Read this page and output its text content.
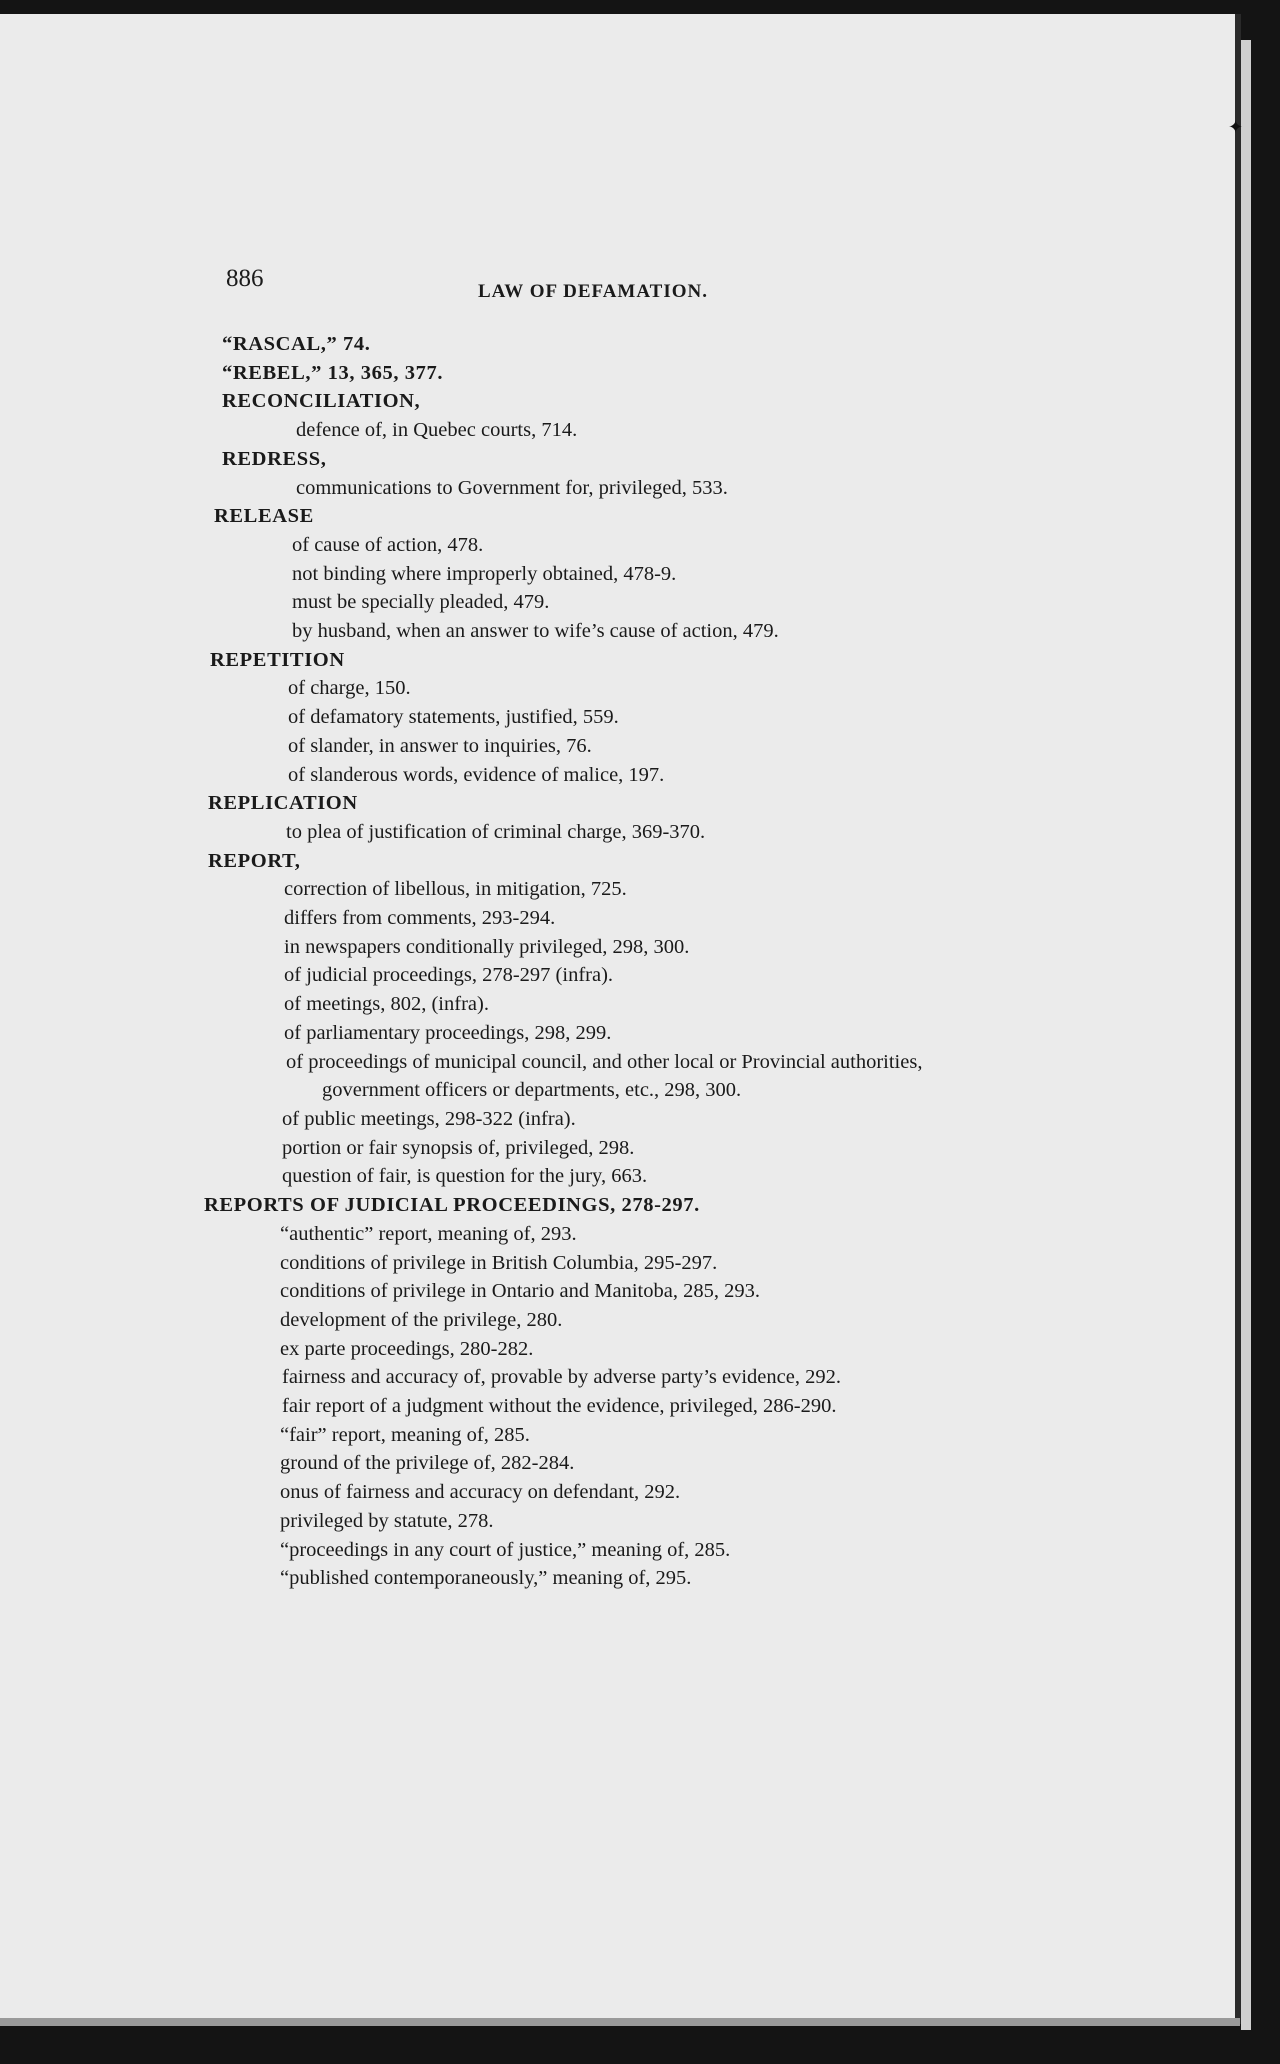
✦
886	LAW OF DEFAMATION.

“RASCAL,” 74.

“REBEL,” 13, 365, 377.

RECONCILIATION,

defence of, in Quebec courts, 714.

REDRESS,

communications to Government for, privileged, 533.

RELEASE

of cause of action, 478.

not binding where improperly obtained, 478-9.

must be specially pleaded, 479.

by husband, when an answer to wife’s cause of action, 479.

REPETITION

of charge, 150.

of defamatory statements, justified, 559.

of slander, in answer to inquiries, 76.

of slanderous words, evidence of malice, 197.

REPLICATION

to plea of justification of criminal charge, 369-370.

REPORT,

correction of libellous, in mitigation, 725.

differs from comments, 293-294.

in newspapers conditionally privileged, 298, 300.

of judicial proceedings, 278-297 (infra).

of meetings, 802, (infra).

of parliamentary proceedings, 298, 299.

of proceedings of municipal council, and other local or Provincial authorities, government officers or departments, etc., 298, 300.

of public meetings, 298-322 (infra).

portion or fair synopsis of, privileged, 298.

question of fair, is question for the jury, 663.

REPORTS OF JUDICIAL PROCEEDINGS, 278-297.

“authentic” report, meaning of, 293.

conditions of privilege in British Columbia, 295-297.

conditions of privilege in Ontario and Manitoba, 285, 293.

development of the privilege, 280.

ex parte proceedings, 280-282.

fairness and accuracy of, provable by adverse party’s evidence, 292.

fair report of a judgment without the evidence, privileged, 286-290.

“fair” report, meaning of, 285.

ground of the privilege of, 282-284.

onus of fairness and accuracy on defendant, 292.

privileged by statute, 278.

“proceedings in any court of justice,” meaning of, 285.

“published contemporaneously,” meaning of, 295.
